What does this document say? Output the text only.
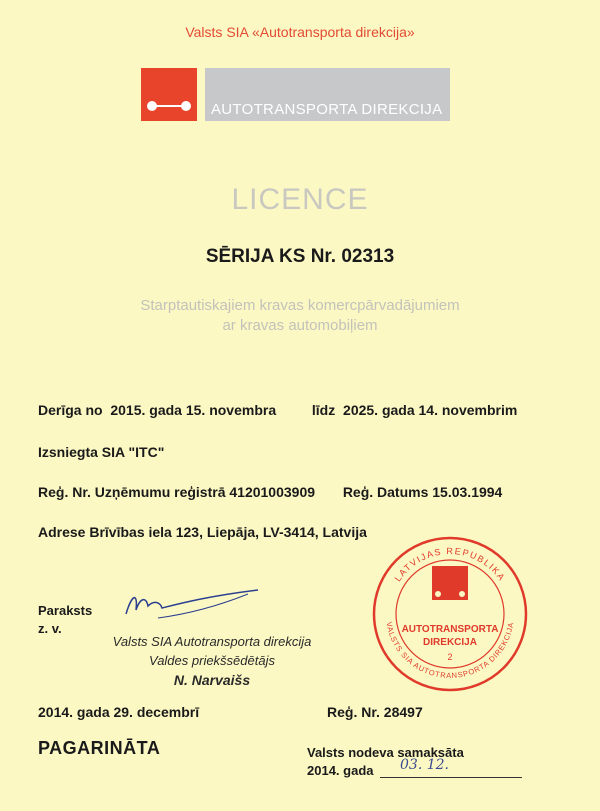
Valsts SIA «Autotransporta direkcija»
AUTOTRANSPORTA DIREKCIJA
LICENCE
SĒRIJA KS Nr. 02313
Starptautiskajiem kravas komercpārvadājumiem
ar kravas automobiļiem
Derīga no 2015. gada 15. novembra	līdz 2025. gada 14. novembrim
Izsniegta SIA "ITC"
Reģ. Nr. Uzņēmumu reģistrā 41201003909 Reģ. Datums 15.03.1994
Adrese Brīvības iela 123, Liepāja, LV-3414, Latvija
Paraksts
z. v.
Valsts SIA Autotransporta direkcija
Valdes priekšsēdētājs
N. Narvaišs
2014. gada 29. decembrī	Reģ. Nr. 28497
LATVIJAS REPUBLIKA
VALSTS SIA AUTOTRANSPORTA DIREKCIJA
AUTOTRANSPORTA
DIREKCIJA
2
PAGARINĀTA	Valsts nodeva samaksāta
2014. gada 03. 12.
